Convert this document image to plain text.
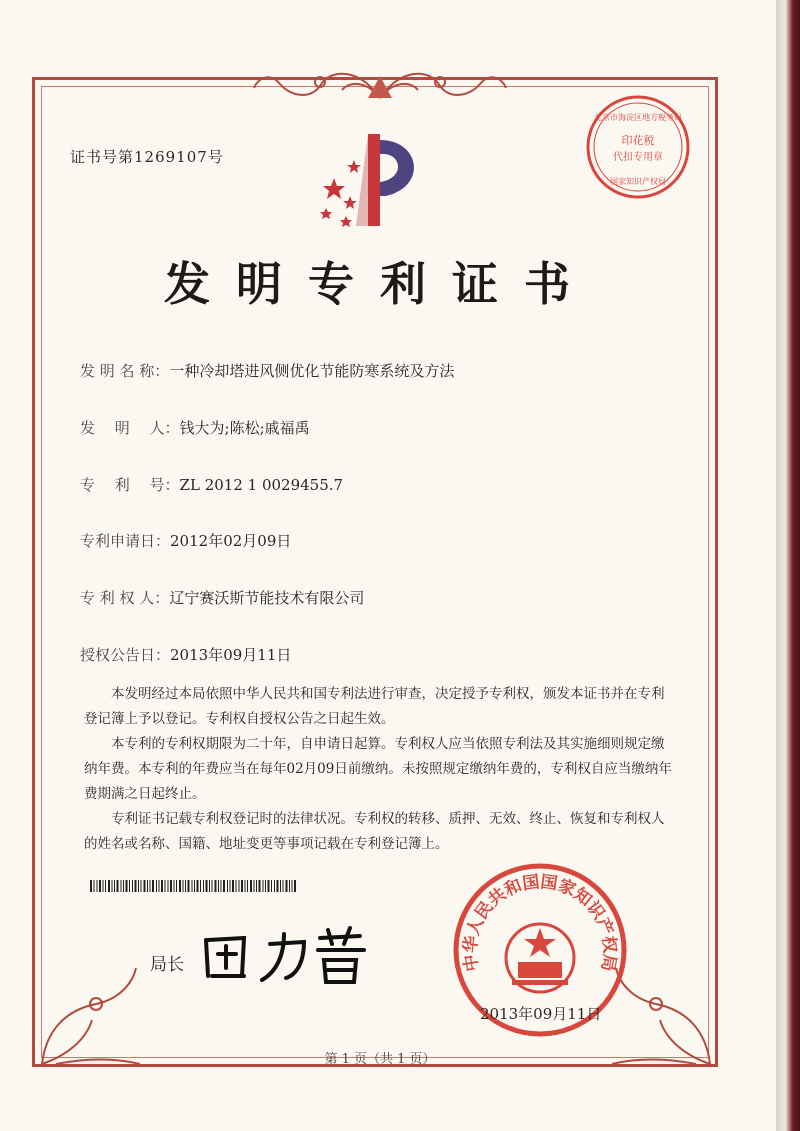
证书号第1269107号
印花税
代扣专用章
北京市海淀区地方税务局
国家知识产权局
发明专利证书
发 明 名 称：一种冷却塔进风侧优化节能防寒系统及方法
发　 明　 人：钱大为;陈松;戚福禹
专　 利　 号：ZL 2012 1 0029455.7
专利申请日：2012年02月09日
专 利 权 人：辽宁赛沃斯节能技术有限公司
授权公告日：2013年09月11日

本发明经过本局依照中华人民共和国专利法进行审查，决定授予专利权，颁发本证书并在专利登记簿上予以登记。专利权自授权公告之日起生效。

本专利的专利权期限为二十年，自申请日起算。专利权人应当依照专利法及其实施细则规定缴纳年费。本专利的年费应当在每年02月09日前缴纳。未按照规定缴纳年费的，专利权自应当缴纳年费期满之日起终止。

专利证书记载专利权登记时的法律状况。专利权的转移、质押、无效、终止、恢复和专利权人的姓名或名称、国籍、地址变更等事项记载在专利登记簿上。

局长	中华人民共和国国家知识产权局
2013年09月11日
第 1 页（共 1 页）
